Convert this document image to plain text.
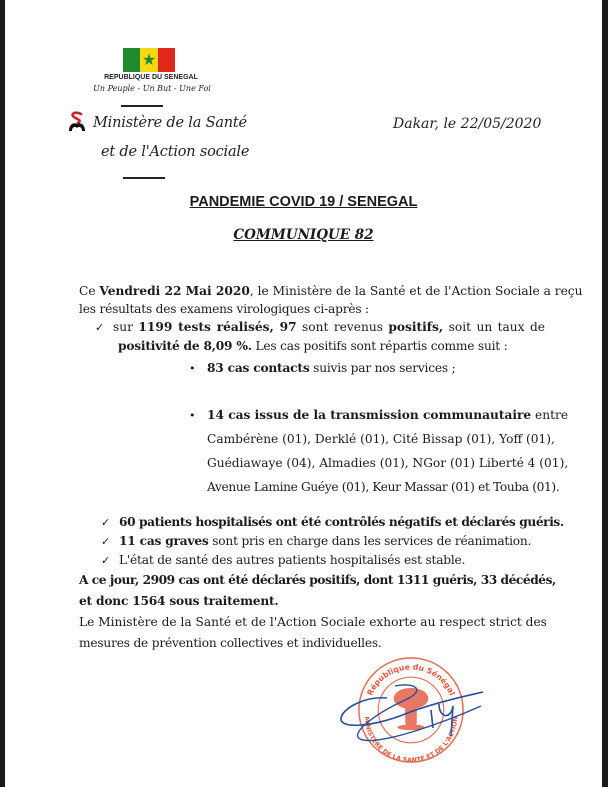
★
REPUBLIQUE DU SENEGAL
Un Peuple - Un But - Une Foi
Ministère de la Santé
et de l'Action sociale
Dakar, le 22/05/2020
PANDEMIE COVID 19 / SENEGAL
COMMUNIQUE 82
Ce Vendredi 22 Mai 2020, le Ministère de la Santé et de l'Action Sociale a reçu
les résultats des examens virologiques ci-après :
✓ sur 1199 tests réalisés, 97 sont revenus positifs, soit un taux de
positivité de 8,09 %. Les cas positifs sont répartis comme suit :
• 83 cas contacts suivis par nos services ;
• 14 cas issus de la transmission communautaire entre
Cambérène (01), Derklé (01), Cité Bissap (01), Yoff (01),
Guédiawaye (04), Almadies (01), NGor (01) Liberté 4 (01),
Avenue Lamine Guéye (01), Keur Massar (01) et Touba (01).
✓ 60 patients hospitalisés ont été contrôlés négatifs et déclarés guéris.
✓ 11 cas graves sont pris en charge dans les services de réanimation.
✓ L'état de santé des autres patients hospitalisés est stable.
A ce jour, 2909 cas ont été déclarés positifs, dont 1311 guéris, 33 décédés,
et donc 1564 sous traitement.
Le Ministère de la Santé et de l'Action Sociale exhorte au respect strict des
mesures de prévention collectives et individuelles.
République du Sénégal
MINISTERE DE LA SANTE ET DE L'ACTION
